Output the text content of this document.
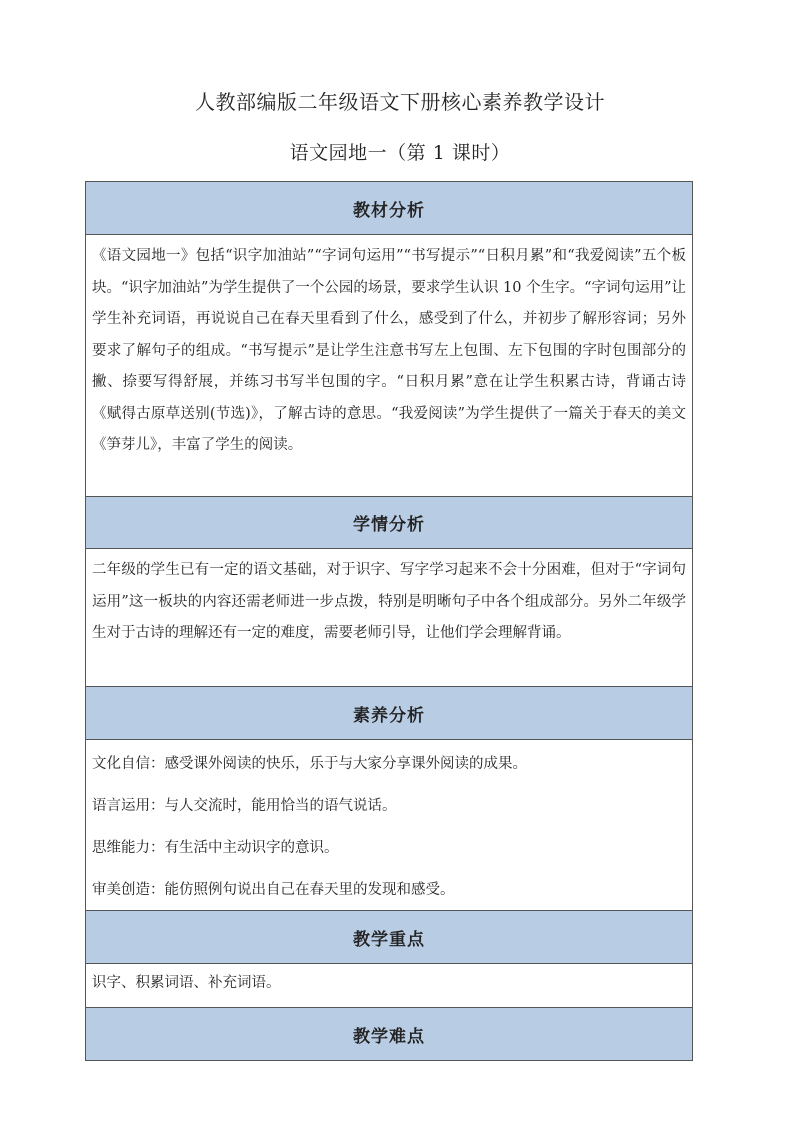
人教部编版二年级语文下册核心素养教学设计
语文园地一（第 1 课时）
教材分析

《语文园地一》包括“识字加油站”“字词句运用”“书写提示”“日积月累”和“我爱阅读”五个板块。“识字加油站”为学生提供了一个公园的场景，要求学生认识 10 个生字。“字词句运用”让学生补充词语，再说说自己在春天里看到了什么，感受到了什么，并初步了解形容词；另外要求了解句子的组成。“书写提示”是让学生注意书写左上包围、左下包围的字时包围部分的撇、捺要写得舒展，并练习书写半包围的字。“日积月累”意在让学生积累古诗，背诵古诗《赋得古原草送别(节选)》，了解古诗的意思。“我爱阅读”为学生提供了一篇关于春天的美文《笋芽儿》，丰富了学生的阅读。

学情分析

二年级的学生已有一定的语文基础，对于识字、写字学习起来不会十分困难，但对于“字词句运用”这一板块的内容还需老师进一步点拨，特别是明晰句子中各个组成部分。另外二年级学生对于古诗的理解还有一定的难度，需要老师引导，让他们学会理解背诵。

素养分析

文化自信：感受课外阅读的快乐，乐于与大家分享课外阅读的成果。

语言运用：与人交流时，能用恰当的语气说话。

思维能力：有生活中主动识字的意识。

审美创造：能仿照例句说出自己在春天里的发现和感受。

教学重点

识字、积累词语、补充词语。

教学难点
